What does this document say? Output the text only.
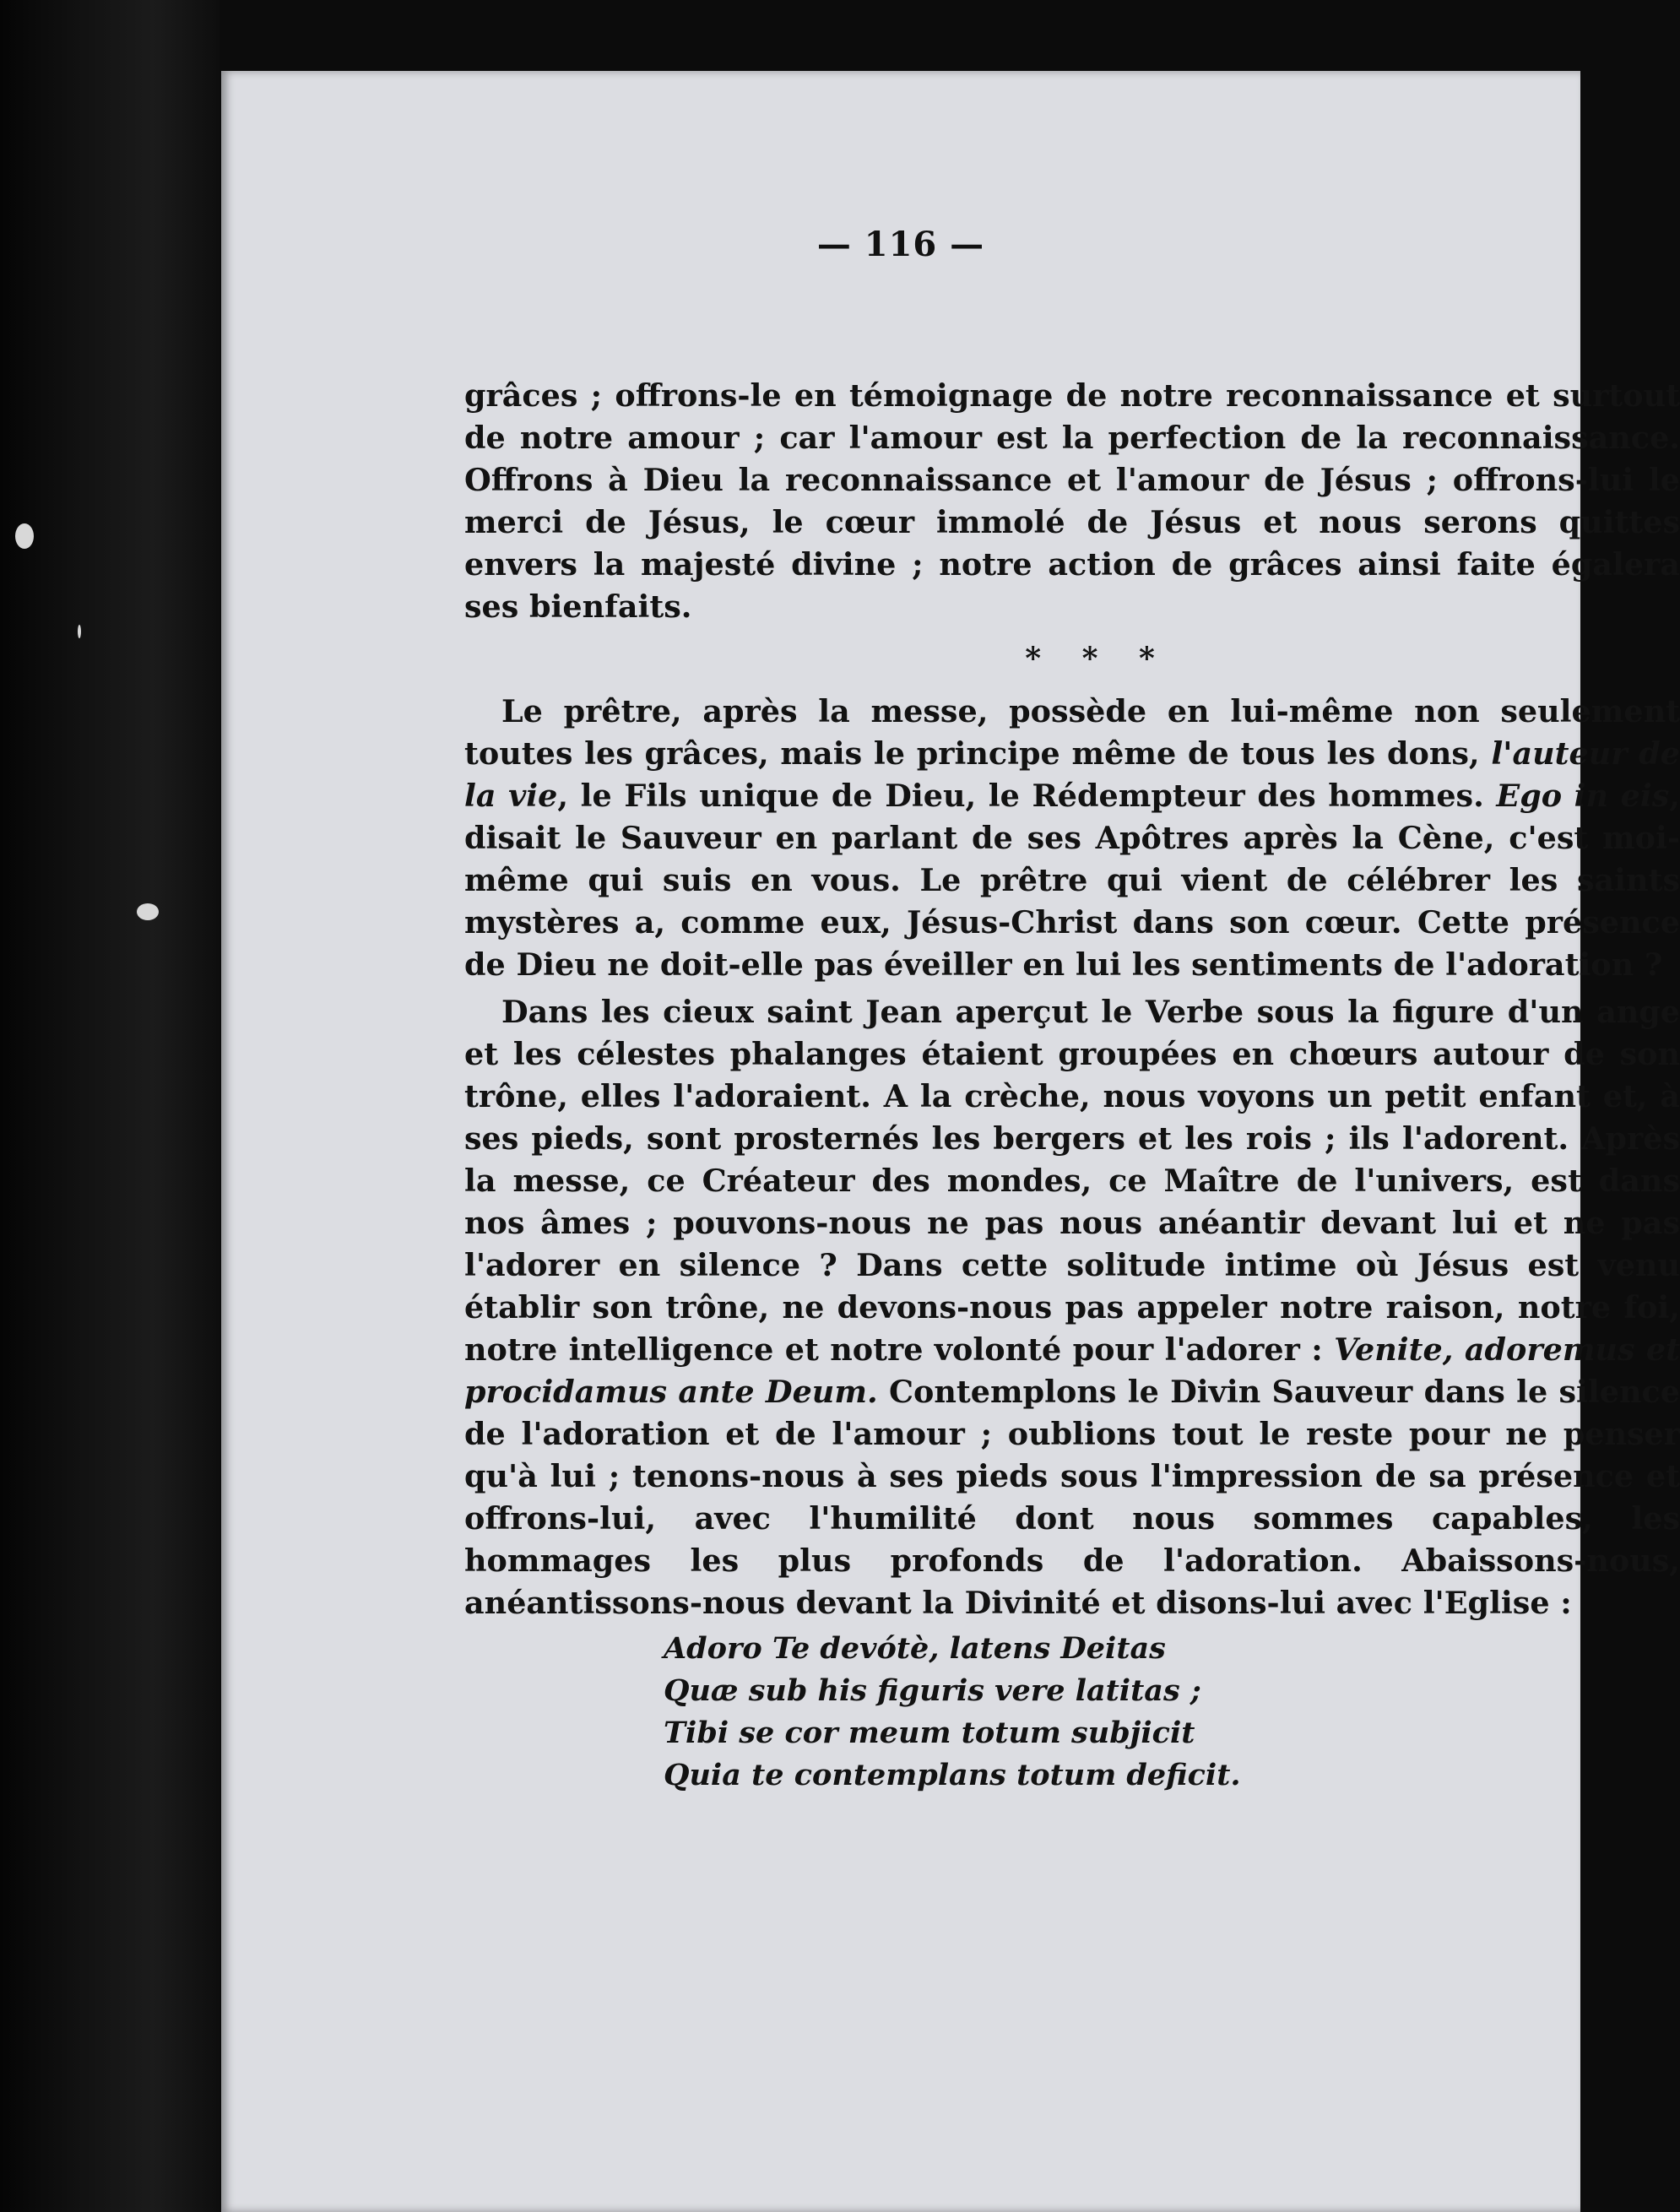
— 116 —

grâces ; offrons-le en témoignage de notre reconnaissance et surtout de notre amour ; car l'amour est la perfection de la reconnaissance. Offrons à Dieu la reconnaissance et l'amour de Jésus ; offrons-lui le merci de Jésus, le cœur immolé de Jésus et nous serons quittes envers la majesté divine ; notre action de grâces ainsi faite égalera ses bienfaits.

* * *

Le prêtre, après la messe, possède en lui-même non seulement toutes les grâces, mais le principe même de tous les dons, l'auteur de la vie, le Fils unique de Dieu, le Rédempteur des hommes. Ego in eis, disait le Sauveur en parlant de ses Apôtres après la Cène, c'est moi-même qui suis en vous. Le prêtre qui vient de célébrer les saints mystères a, comme eux, Jésus-Christ dans son cœur. Cette présence de Dieu ne doit-elle pas éveiller en lui les sentiments de l'adoration ?

Dans les cieux saint Jean aperçut le Verbe sous la figure d'un ange et les célestes phalanges étaient groupées en chœurs autour de son trône, elles l'adoraient. A la crèche, nous voyons un petit enfant et, à ses pieds, sont prosternés les bergers et les rois ; ils l'adorent. Après la messe, ce Créateur des mondes, ce Maître de l'univers, est dans nos âmes ; pouvons-nous ne pas nous anéantir devant lui et ne pas l'adorer en silence ? Dans cette solitude intime où Jésus est venu établir son trône, ne devons-nous pas appeler notre raison, notre foi, notre intelligence et notre volonté pour l'adorer : Venite, adoremus et procidamus ante Deum. Contemplons le Divin Sauveur dans le silence de l'adoration et de l'amour ; oublions tout le reste pour ne penser qu'à lui ; tenons-nous à ses pieds sous l'impression de sa présence et offrons-lui, avec l'humilité dont nous sommes capables, les hommages les plus profonds de l'adoration. Abaissons-nous, anéantissons-nous devant la Divinité et disons-lui avec l'Eglise :

Adoro Te devótè, latens Deitas
Quæ sub his figuris vere latitas ;
Tibi se cor meum totum subjicit
Quia te contemplans totum deficit.
